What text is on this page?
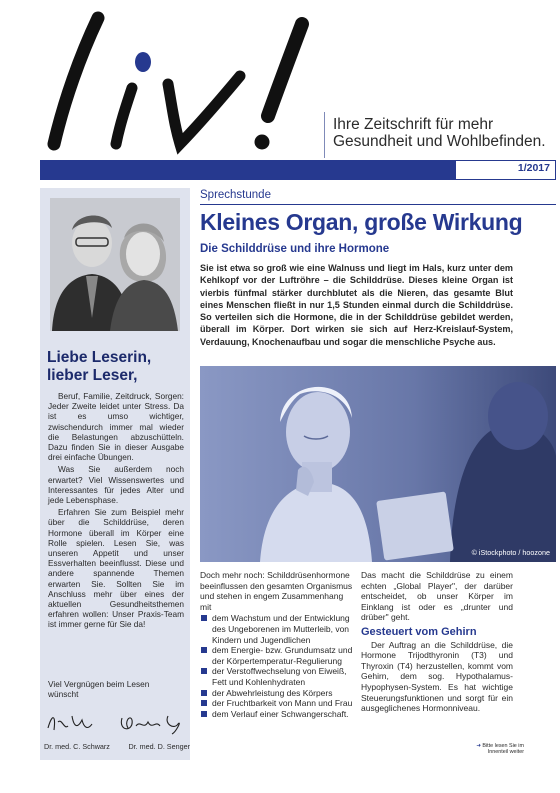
Ihre Zeitschrift für mehr
Gesundheit und Wohlbefinden.
1/2017
Liebe Leserin,
lieber Leser,

Beruf, Familie, Zeitdruck, Sorgen: Jeder Zweite leidet unter Stress. Da ist es umso wichtiger, zwischendurch immer mal wieder die Belastungen abzuschütteln. Dazu finden Sie in dieser Ausgabe drei einfache Übungen.

Was Sie außerdem noch erwartet? Viel Wissenswertes und Interessantes für jedes Alter und jede Lebensphase.

Erfahren Sie zum Beispiel mehr über die Schilddrüse, deren Hormone überall im Körper eine Rolle spielen. Lesen Sie, was unseren Appetit und unser Essverhalten beeinflusst. Diese und andere spannende Themen erwarten Sie. Sollten Sie im Anschluss mehr über eines der aktuellen Gesundheitsthemen erfahren wollen: Unser Praxis-Team ist immer gerne für Sie da!

Viel Vergnügen beim Lesen
wünscht
Dr. med. C. Schwarz	Dr. med. D. Senger
Sprechstunde
Kleines Organ, große Wirkung
Die Schilddrüse und ihre Hormone

Sie ist etwa so groß wie eine Walnuss und liegt im Hals, kurz unter dem Kehlkopf vor der Luftröhre – die Schilddrüse. Dieses kleine Organ ist vierbis fünfmal stärker durchblutet als die Nieren, das gesamte Blut eines Menschen fließt in nur 1,5 Stunden einmal durch die Schilddrüse. So verteilen sich die Hormone, die in der Schilddrüse gebildet werden, überall im Körper. Dort wirken sie sich auf Herz-Kreislauf-System, Verdauung, Knochenaufbau und sogar die menschliche Psyche aus.

© iStockphoto / hoozone

Doch mehr noch: Schilddrüsenhormone beeinflussen den gesamten Organismus und stehen in engem Zusammenhang mit

dem Wachstum und der Entwicklung des Ungeborenen im Mutterleib, von Kindern und Jugendlichen
dem Energie- bzw. Grundumsatz und der Körpertemperatur-Regulierung
der Verstoffwechselung von Eiweiß, Fett und Kohlenhydraten
der Abwehrleistung des Körpers
der Fruchtbarkeit von Mann und Frau
dem Verlauf einer Schwangerschaft.

Das macht die Schilddrüse zu einem echten „Global Player", der darüber entscheidet, ob unser Körper im Einklang ist oder es „drunter und drüber" geht.

Gesteuert vom Gehirn

Der Auftrag an die Schilddrüse, die Hormone Trijodthyronin (T3) und Thyroxin (T4) herzustellen, kommt vom Gehirn, dem sog. Hypothalamus-Hypophysen-System. Es hat wichtige Steuerungsfunktionen und sorgt für ein ausgeglichenes Hormonniveau.

➜ Bitte lesen Sie im
Innenteil weiter
